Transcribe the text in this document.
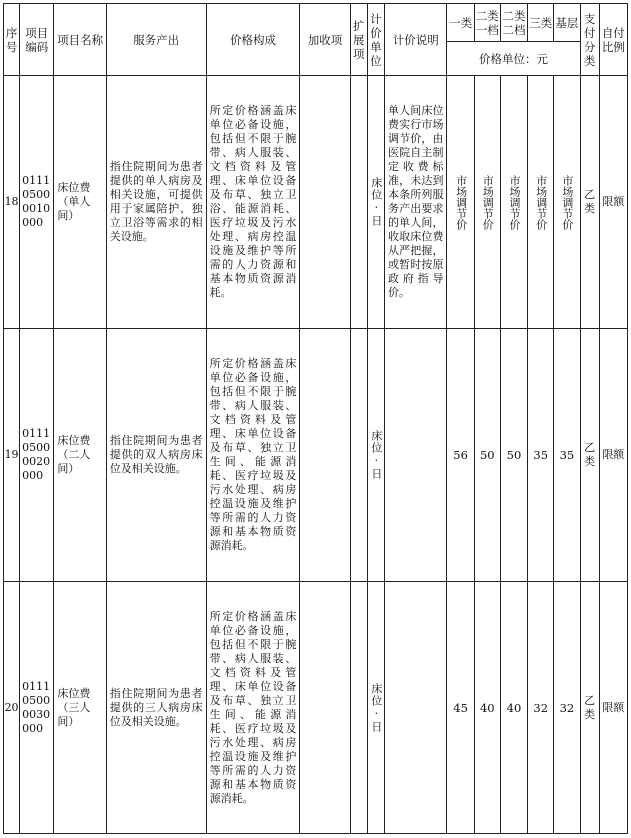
序号	项目编码	项目名称	服务产出	价格构成	加收项	扩展项	计价单位	计价说明	一类	二类一档	二类二档	三类	基层	支付分类	自付比例
									价格单位：元						
18	011105000010000	床位费（单人间）	指住院期间为患者提供的单人病房及相关设施，可提供用于家属陪护、独立卫浴等需求的相关设施。	所定价格涵盖床单位必备设施，包括但不限于腕带、病人服装、文档资料及管理、床单位设备及布草、独立卫浴、能源消耗、医疗垃圾及污水处理、病房控温设施及维护等所需的人力资源和基本物质资源消耗。			床位·日	单人间床位费实行市场调节价，由医院自主制定收费标准，未达到本条所列服务产出要求的单人间，收取床位费从严把握，或暂时按原政府指导价。	市场调节价	市场调节价	市场调节价	市场调节价	市场调节价	乙类	限额
19	011105000020000	床位费（二人间）	指住院期间为患者提供的双人病房床位及相关设施。	所定价格涵盖床单位必备设施，包括但不限于腕带、病人服装、文档资料及管理、床单位设备及布草、独立卫生间、能源消耗、医疗垃圾及污水处理、病房控温设施及维护等所需的人力资源和基本物质资源消耗。			床位·日		56	50	50	35	35	乙类	限额
20	011105000030000	床位费（三人间）	指住院期间为患者提供的三人病房床位及相关设施。	所定价格涵盖床单位必备设施，包括但不限于腕带、病人服装、文档资料及管理、床单位设备及布草、独立卫生间、能源消耗、医疗垃圾及污水处理、病房控温设施及维护等所需的人力资源和基本物质资源消耗。			床位·日		45	40	40	32	32	乙类	限额
